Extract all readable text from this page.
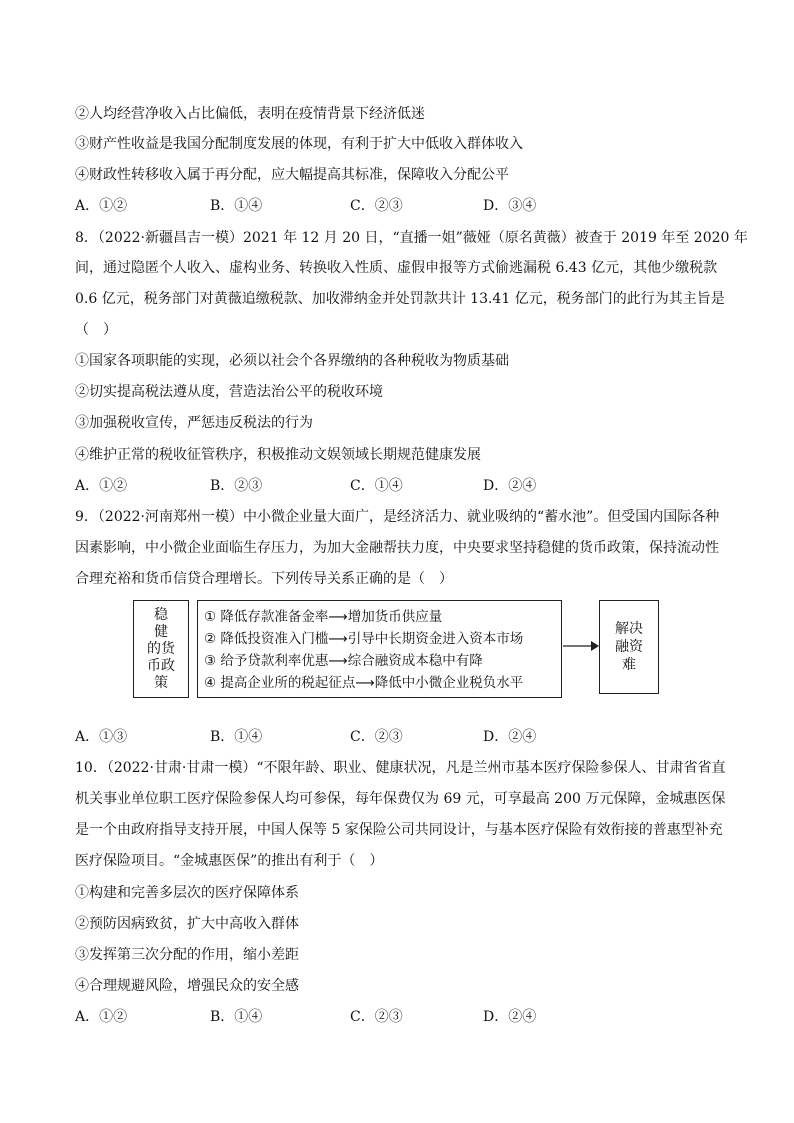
②人均经营净收入占比偏低，表明在疫情背景下经济低迷
③财产性收益是我国分配制度发展的体现，有利于扩大中低收入群体收入
④财政性转移收入属于再分配，应大幅提高其标准，保障收入分配公平
A．①②	B．①④	C．②③	D．③④
8．（2022·新疆昌吉一模）2021 年 12 月 20 日，“直播一姐”薇娅（原名黄薇）被查于 2019 年至 2020 年
间，通过隐匿个人收入、虚构业务、转换收入性质、虚假申报等方式偷逃漏税 6.43 亿元，其他少缴税款
0.6 亿元，税务部门对黄薇追缴税款、加收滞纳金并处罚款共计 13.41 亿元，税务部门的此行为其主旨是
（　）
①国家各项职能的实现，必须以社会个各界缴纳的各种税收为物质基础
②切实提高税法遵从度，营造法治公平的税收环境
③加强税收宣传，严惩违反税法的行为
④维护正常的税收征管秩序，积极推动文娱领域长期规范健康发展
A．①②	B．②③	C．①④	D．②④
9．（2022·河南郑州一模）中小微企业量大面广，是经济活力、就业吸纳的“蓄水池”。但受国内国际各种
因素影响，中小微企业面临生存压力，为加大金融帮扶力度，中央要求坚持稳健的货币政策，保持流动性
合理充裕和货币信贷合理增长。下列传导关系正确的是（　）
稳
健
的货
币政
策
① 降低存款准备金率⟶增加货币供应量
② 降低投资准入门槛⟶引导中长期资金进入资本市场
③ 给予贷款利率优惠⟶综合融资成本稳中有降
④ 提高企业所的税起征点⟶降低中小微企业税负水平
解决
融资
难
A．①③	B．①④	C．②③	D．②④
10．（2022·甘肃·甘肃一模）“不限年龄、职业、健康状况，凡是兰州市基本医疗保险参保人、甘肃省省直
机关事业单位职工医疗保险参保人均可参保，每年保费仅为 69 元，可享最高 200 万元保障，金城惠医保
是一个由政府指导支持开展，中国人保等 5 家保险公司共同设计，与基本医疗保险有效衔接的普惠型补充
医疗保险项目。“金城惠医保”的推出有利于（　）
①构建和完善多层次的医疗保障体系
②预防因病致贫，扩大中高收入群体
③发挥第三次分配的作用，缩小差距
④合理规避风险，增强民众的安全感
A．①②	B．①④	C．②③	D．②④
